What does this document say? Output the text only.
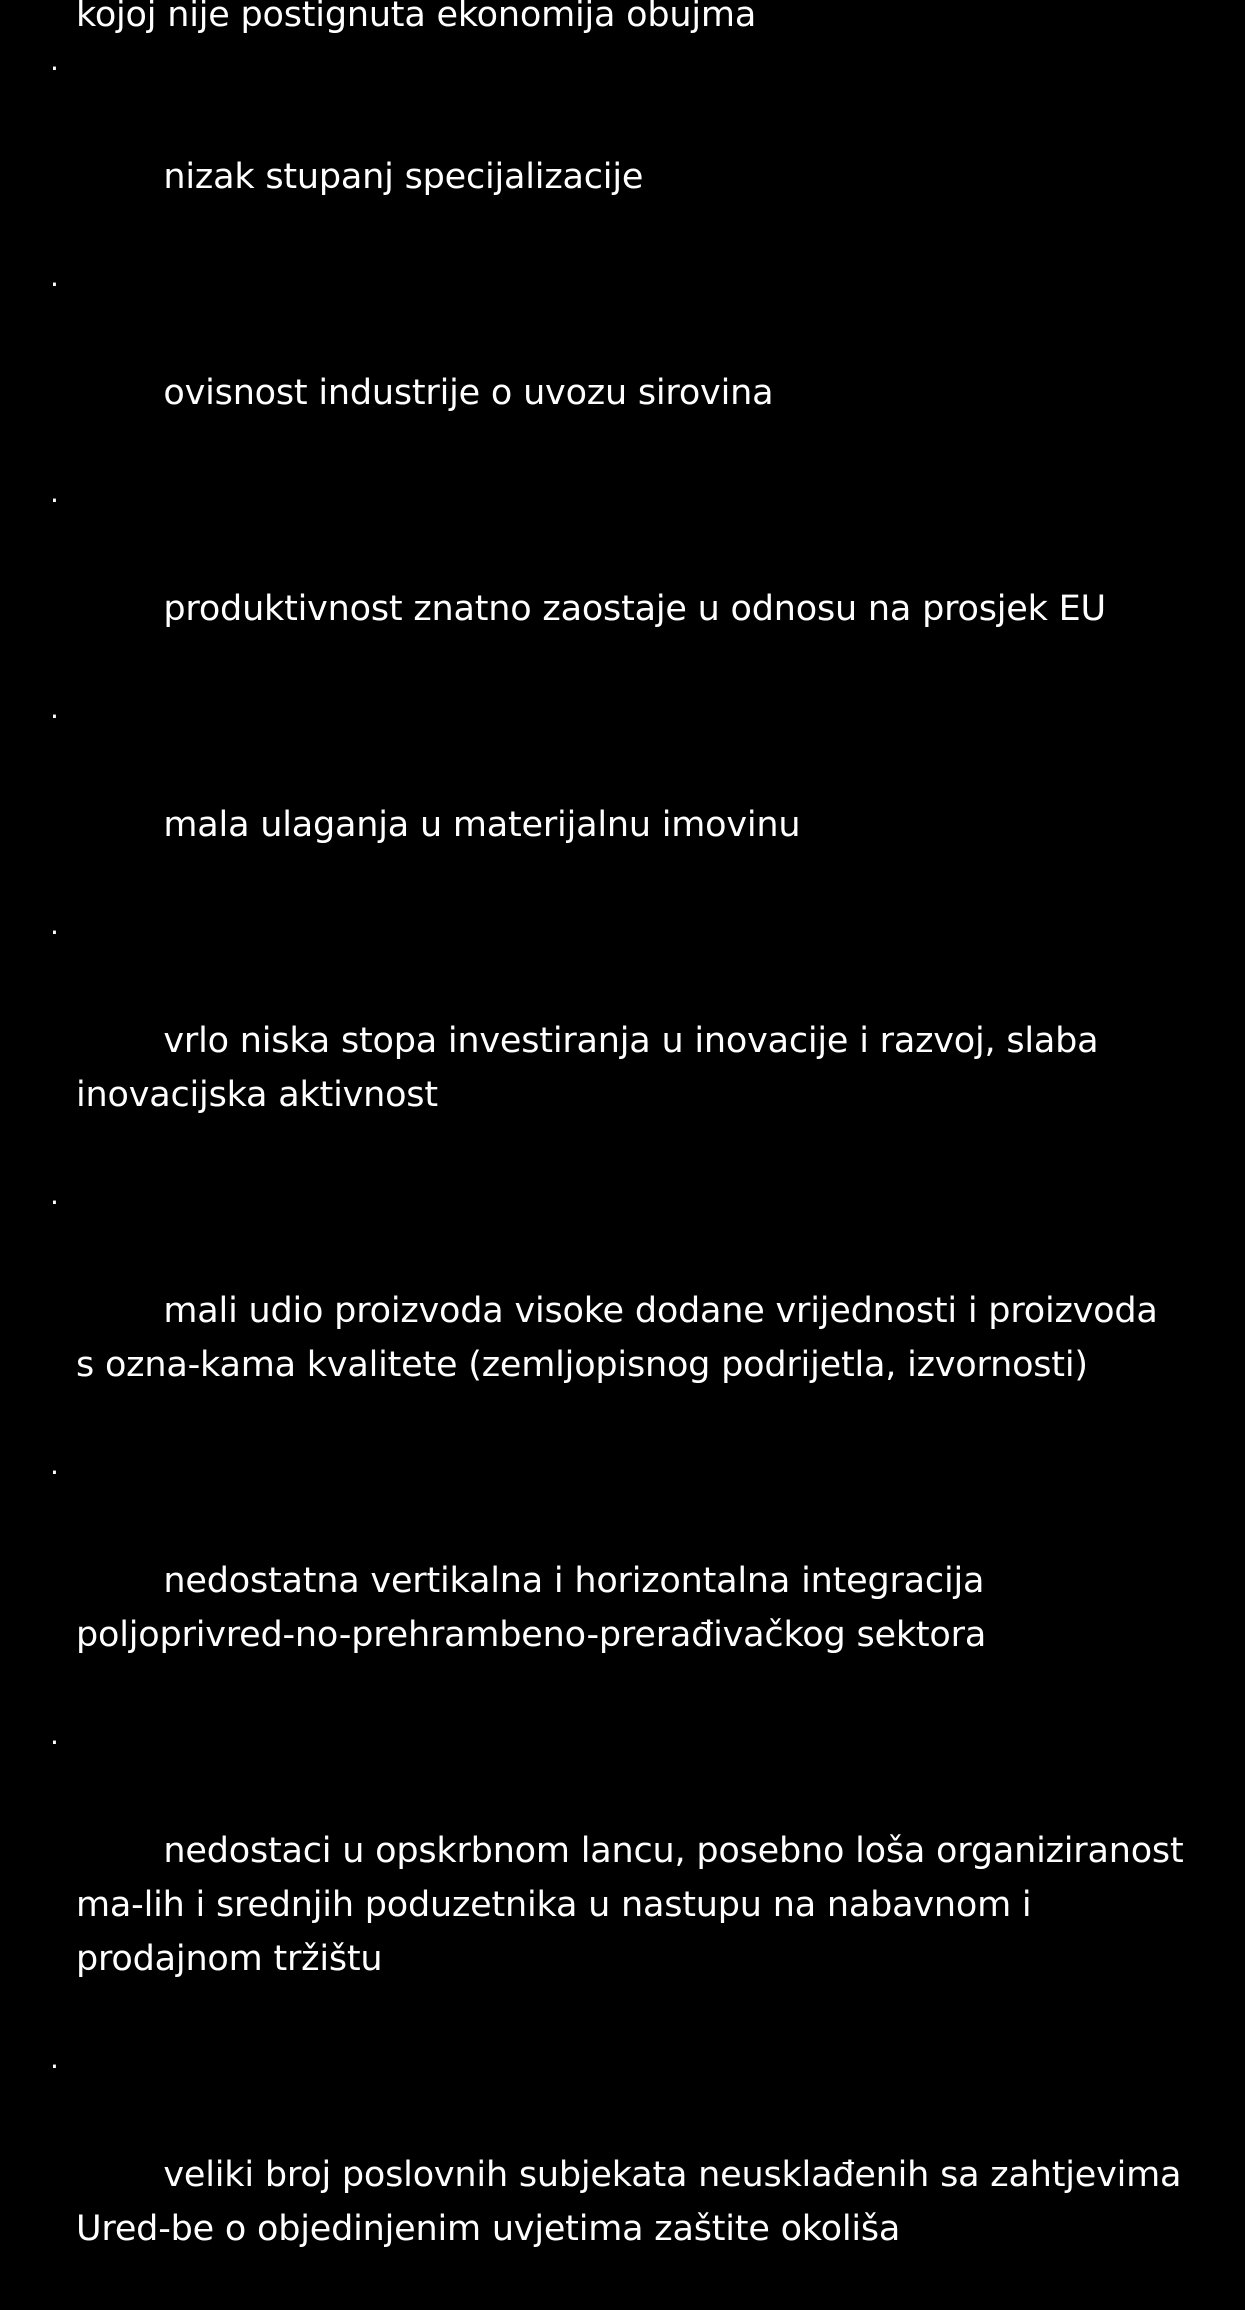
kojoj nije postignuta ekonomija obujma

·

nizak stupanj specijalizacije

·

ovisnost industrije o uvozu sirovina

·

produktivnost znatno zaostaje u odnosu na prosjek EU

·

mala ulaganja u materijalnu imovinu

·

vrlo niska stopa investiranja u inovacije i razvoj, slaba inovacijska aktivnost

·

mali udio proizvoda visoke dodane vrijednosti i proizvoda s ozna-kama kvalitete (zemljopisnog podrijetla, izvornosti)

·

nedostatna vertikalna i horizontalna integracija poljoprivred-no-prehrambeno-prerađivačkog sektora

·

nedostaci u opskrbnom lancu, posebno loša organiziranost ma-lih i srednjih poduzetnika u nastupu na nabavnom i prodajnom tržištu

·

veliki broj poslovnih subjekata neusklađenih sa zahtjevima Ured-be o objedinjenim uvjetima zaštite okoliša
